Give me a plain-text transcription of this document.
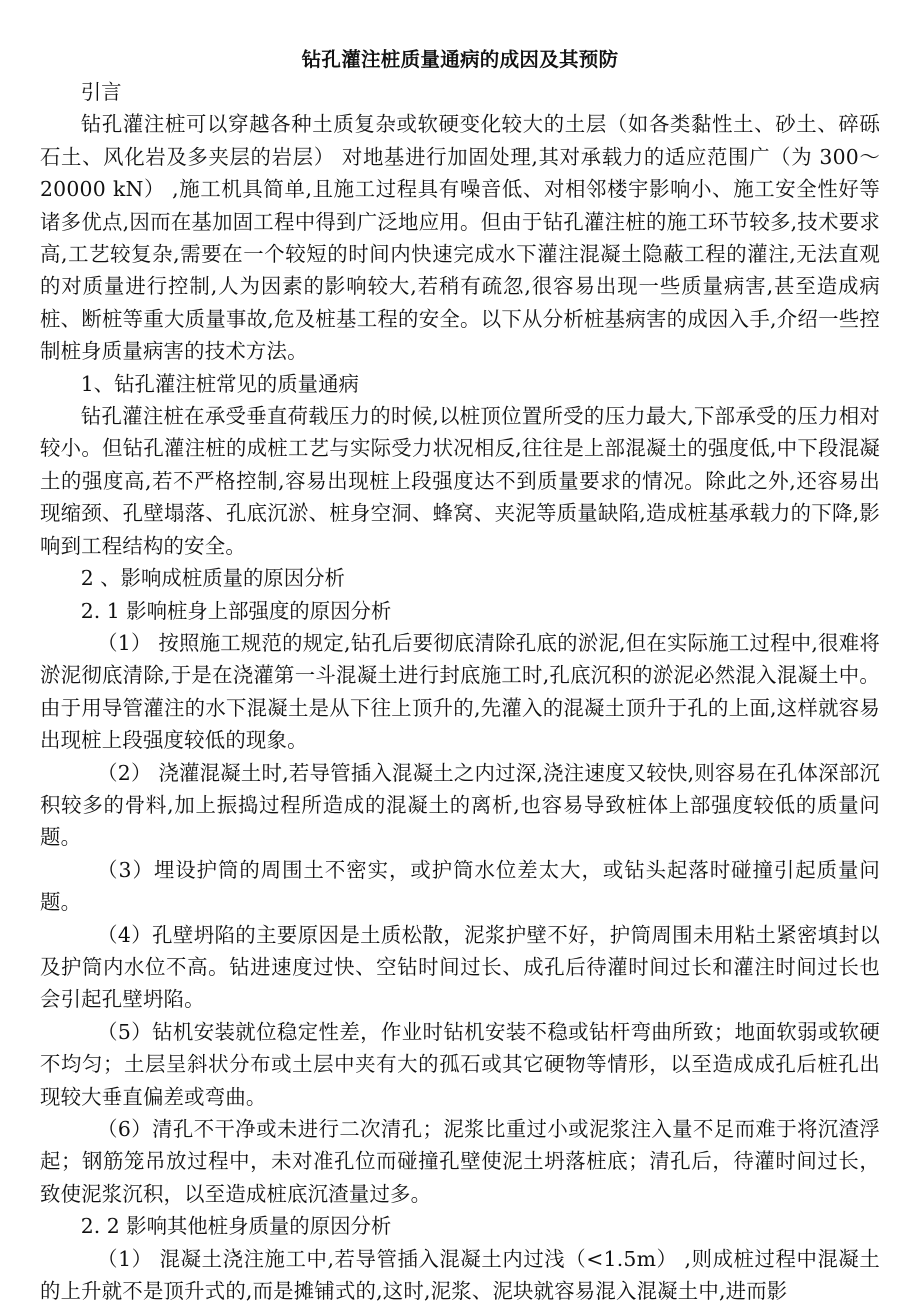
钻孔灌注桩质量通病的成因及其预防

引言

钻孔灌注桩可以穿越各种土质复杂或软硬变化较大的土层（如各类黏性土、砂土、碎砾石土、风化岩及多夹层的岩层） 对地基进行加固处理,其对承载力的适应范围广（为 300～20000 kN） ,施工机具简单,且施工过程具有噪音低、对相邻楼宇影响小、施工安全性好等诸多优点,因而在基加固工程中得到广泛地应用。但由于钻孔灌注桩的施工环节较多,技术要求高,工艺较复杂,需要在一个较短的时间内快速完成水下灌注混凝土隐蔽工程的灌注,无法直观的对质量进行控制,人为因素的影响较大,若稍有疏忽,很容易出现一些质量病害,甚至造成病桩、断桩等重大质量事故,危及桩基工程的安全。以下从分析桩基病害的成因入手,介绍一些控制桩身质量病害的技术方法。

1、钻孔灌注桩常见的质量通病

钻孔灌注桩在承受垂直荷载压力的时候,以桩顶位置所受的压力最大,下部承受的压力相对较小。但钻孔灌注桩的成桩工艺与实际受力状况相反,往往是上部混凝土的强度低,中下段混凝土的强度高,若不严格控制,容易出现桩上段强度达不到质量要求的情况。除此之外,还容易出现缩颈、孔壁塌落、孔底沉淤、桩身空洞、蜂窝、夹泥等质量缺陷,造成桩基承载力的下降,影响到工程结构的安全。

2 、影响成桩质量的原因分析

2. 1 影响桩身上部强度的原因分析

（1） 按照施工规范的规定,钻孔后要彻底清除孔底的淤泥,但在实际施工过程中,很难将淤泥彻底清除,于是在浇灌第一斗混凝土进行封底施工时,孔底沉积的淤泥必然混入混凝土中。由于用导管灌注的水下混凝土是从下往上顶升的,先灌入的混凝土顶升于孔的上面,这样就容易出现桩上段强度较低的现象。

（2） 浇灌混凝土时,若导管插入混凝土之内过深,浇注速度又较快,则容易在孔体深部沉积较多的骨料,加上振捣过程所造成的混凝土的离析,也容易导致桩体上部强度较低的质量问题。

（3）埋设护筒的周围土不密实，或护筒水位差太大，或钻头起落时碰撞引起质量问题。

（4）孔壁坍陷的主要原因是土质松散，泥浆护壁不好，护筒周围未用粘土紧密填封以及护筒内水位不高。钻进速度过快、空钻时间过长、成孔后待灌时间过长和灌注时间过长也会引起孔壁坍陷。

（5）钻机安装就位稳定性差，作业时钻机安装不稳或钻杆弯曲所致；地面软弱或软硬不均匀；土层呈斜状分布或土层中夹有大的孤石或其它硬物等情形，以至造成成孔后桩孔出现较大垂直偏差或弯曲。

（6）清孔不干净或未进行二次清孔；泥浆比重过小或泥浆注入量不足而难于将沉渣浮起；钢筋笼吊放过程中，未对准孔位而碰撞孔壁使泥土坍落桩底；清孔后，待灌时间过长，致使泥浆沉积，以至造成桩底沉渣量过多。

2. 2 影响其他桩身质量的原因分析

（1） 混凝土浇注施工中,若导管插入混凝土内过浅（<1.5m） ,则成桩过程中混凝土的上升就不是顶升式的,而是摊铺式的,这时,泥浆、泥块就容易混入混凝土中,进而影
